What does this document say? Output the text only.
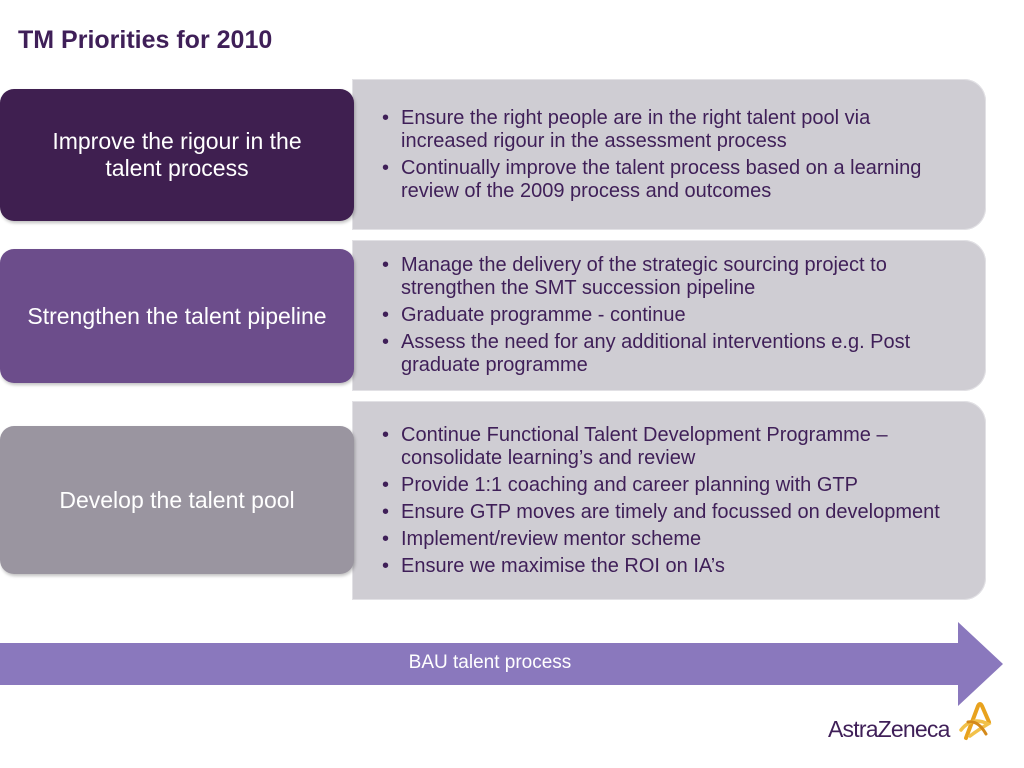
TM Priorities for 2010
• Ensure the right people are in the right talent pool via increased rigour in the assessment process
• Continually improve the talent process based on a learning review of the 2009 process and outcomes
Improve the rigour in the talent process
• Manage the delivery of the strategic sourcing project to strengthen the SMT succession pipeline
• Graduate programme - continue
• Assess the need for any additional interventions e.g. Post graduate programme
Strengthen the talent pipeline
• Continue Functional Talent Development Programme – consolidate learning’s and review
• Provide 1:1 coaching and career planning with GTP
• Ensure GTP moves are timely and focussed on development
• Implement/review mentor scheme
• Ensure we maximise the ROI on IA’s
Develop the talent pool
BAU talent process
AstraZeneca
